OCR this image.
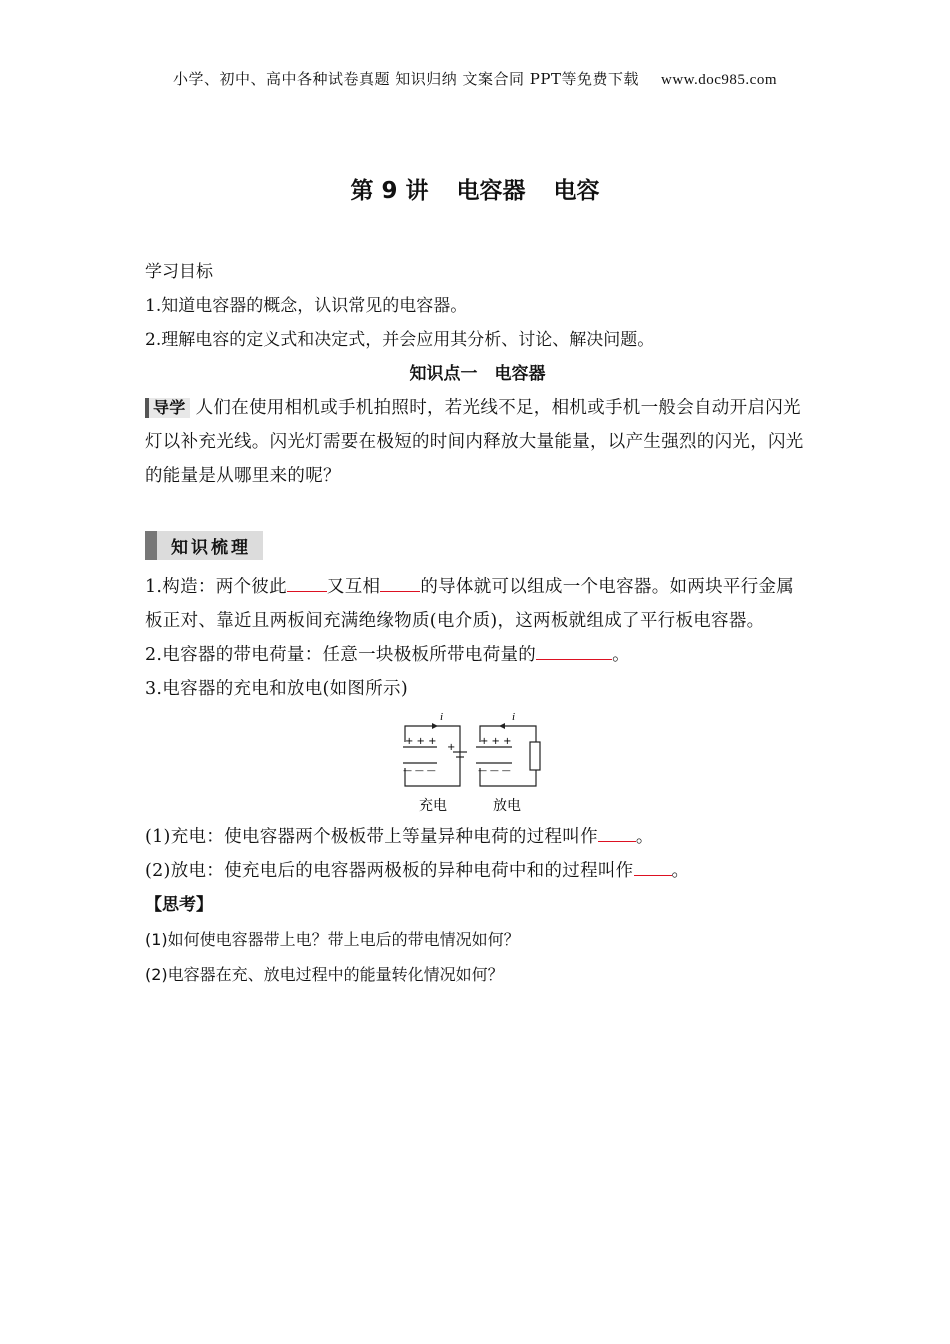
小学、初中、高中各种试卷真题 知识归纳 文案合同 PPT等免费下载 www.doc985.com
第 9 讲 电容器 电容
学习目标
1.知道电容器的概念，认识常见的电容器。
2.理解电容的定义式和决定式，并会应用其分析、讨论、解决问题。
知识点一　电容器
导学 人们在使用相机或手机拍照时，若光线不足，相机或手机一般会自动开启闪光灯以补充光线。闪光灯需要在极短的时间内释放大量能量，以产生强烈的闪光，闪光的能量是从哪里来的呢？
知识梳理
1.构造：两个彼此 又互相 的导体就可以组成一个电容器。如两块平行金属板正对、靠近且两板间充满绝缘物质(电介质)，这两板就组成了平行板电容器。
2.电容器的带电荷量：任意一块极板所带电荷量的	。
3.电容器的充电和放电(如图所示)
i	i
+ + +
— — —
+ + +
— — —
+
充电	放电
(1)充电：使电容器两个极板带上等量异种电荷的过程叫作 。
(2)放电：使充电后的电容器两极板的异种电荷中和的过程叫作 。
【思考】
(1)如何使电容器带上电？带上电后的带电情况如何？
(2)电容器在充、放电过程中的能量转化情况如何？
